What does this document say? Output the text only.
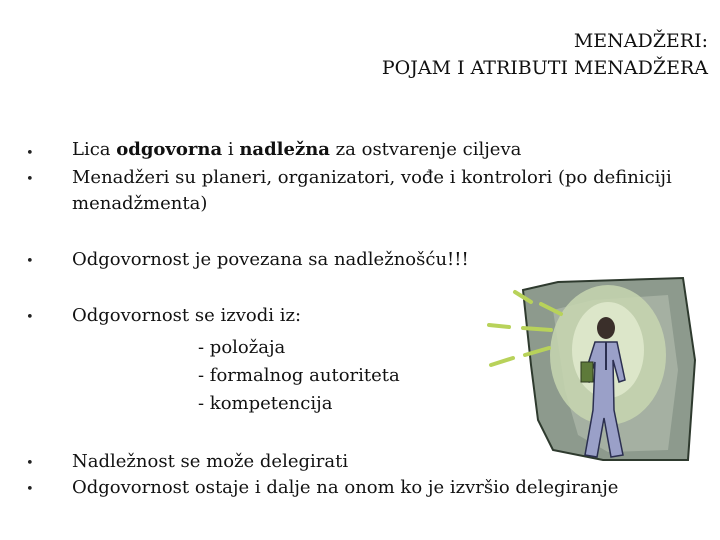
MENADŽERI:
POJAM I ATRIBUTI MENADŽERA
•
•
•
•
•
•
Lica odgovorna i nadležna za ostvarenje ciljeva
Menadžeri su planeri, organizatori, vođe i kontrolori (po definiciji
menadžmenta)
Odgovornost je povezana sa nadležnošću!!!
Odgovornost se izvodi iz:
- položaja
- formalnog autoriteta
- kompetencija
Nadležnost se može delegirati
Odgovornost ostaje i dalje na onom ko je izvršio delegiranje
